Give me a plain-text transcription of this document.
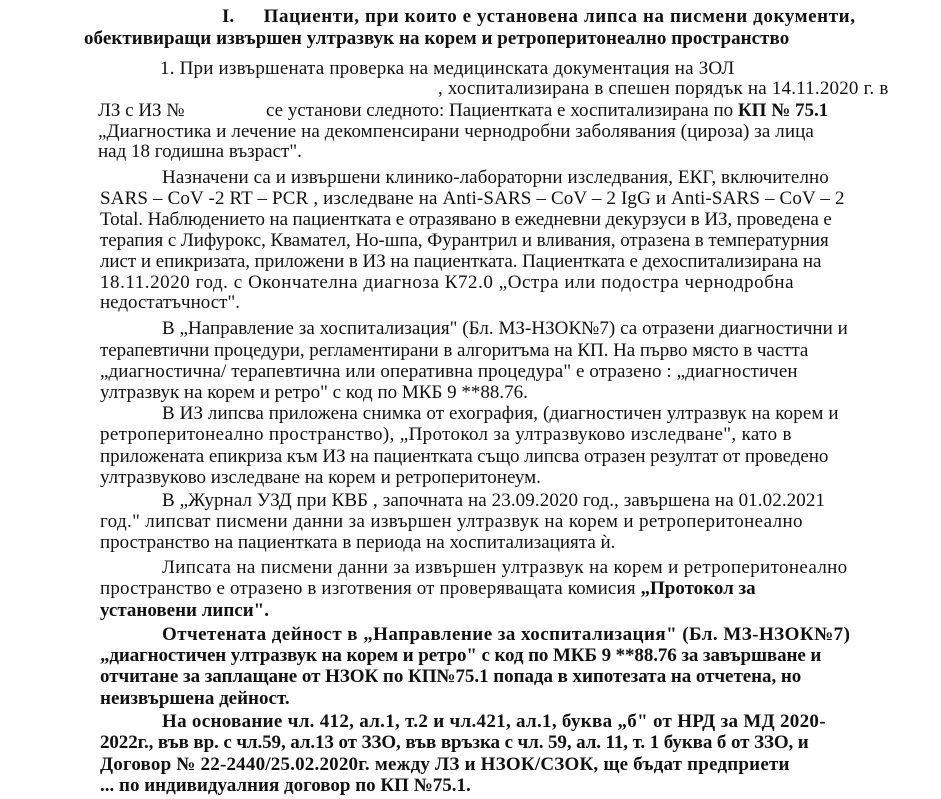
I. Пациенти, при които е установена липса на писмени документи,
обективиращи извършен ултразвук на корем и ретроперитонеално пространство
1. При извършената проверка на медицинската документация на ЗОЛ
, хоспитализирана в спешен порядък на 14.11.2020 г. в
ЛЗ с ИЗ №	се установи следното: Пациентката е хоспитализирана по КП № 75.1
„Диагностика и лечение на декомпенсирани чернодробни заболявания (цироза) за лица
над 18 годишна възраст".
Назначени са и извършени клинико-лабораторни изследвания, ЕКГ, включително
SARS – CoV -2 RT – PCR , изследване на Anti-SARS – CoV – 2 IgG и Anti-SARS – CoV – 2
Total. Наблюдението на пациентката е отразявано в ежедневни декурзуси в ИЗ, проведена е
терапия с Лифурокс, Квамател, Но-шпа, Фурантрил и вливания, отразена в температурния
лист и епикризата, приложени в ИЗ на пациентката. Пациентката е дехоспитализирана на
18.11.2020 год. с Окончателна диагноза К72.0 „Остра или подостра чернодробна
недостатъчност".
В „Направление за хоспитализация" (Бл. МЗ-НЗОК№7) са отразени диагностични и
терапевтични процедури, регламентирани в алгоритъма на КП. На първо място в частта
„диагностична/ терапевтична или оперативна процедура" е отразено : „диагностичен
ултразвук на корем и ретро" с код по МКБ 9 **88.76.
В ИЗ липсва приложена снимка от ехография, (диагностичен ултразвук на корем и
ретроперитонеално пространство), „Протокол за ултразвуково изследване", като в
приложената епикриза към ИЗ на пациентката също липсва отразен резултат от проведено
ултразвуково изследване на корем и ретроперитонеум.
В „Журнал УЗД при КВБ , започната на 23.09.2020 год., завършена на 01.02.2021
год." липсват писмени данни за извършен ултразвук на корем и ретроперитонеално
пространство на пациентката в периода на хоспитализацията ѝ.
Липсата на писмени данни за извършен ултразвук на корем и ретроперитонеално
пространство е отразено в изготвения от проверяващата комисия „Протокол за
установени липси".
Отчетената дейност в „Направление за хоспитализация" (Бл. МЗ-НЗОК№7)
„диагностичен ултразвук на корем и ретро" с код по МКБ 9 **88.76 за завършване и
отчитане за заплащане от НЗОК по КП№75.1 попада в хипотезата на отчетена, но
неизвършена дейност.
На основание чл. 412, ал.1, т.2 и чл.421, ал.1, буква „б" от НРД за МД 2020-
2022г., във вр. с чл.59, ал.13 от ЗЗО, във връзка с чл. 59, ал. 11, т. 1 буква б от ЗЗО, и
Договор № 22-2440/25.02.2020г. между ЛЗ и НЗОК/СЗОК, ще бъдат предприети
... по индивидуалния договор по КП №75.1.
